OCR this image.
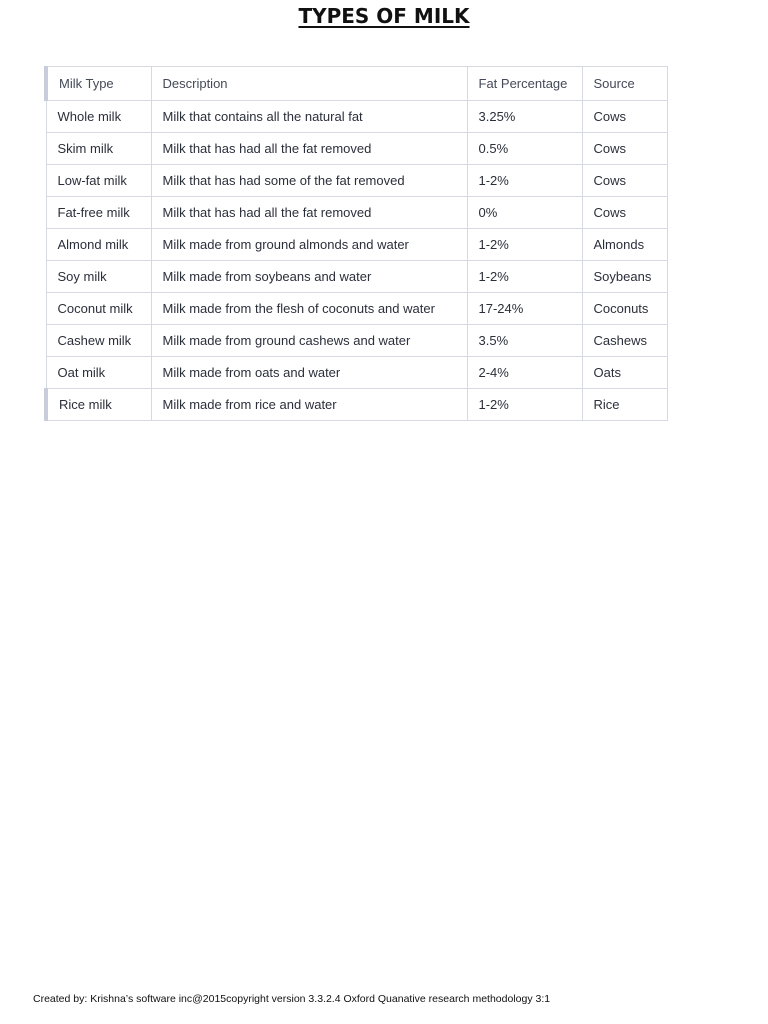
TYPES OF MILK
Milk Type	Description	Fat Percentage	Source
Whole milk	Milk that contains all the natural fat	3.25%	Cows
Skim milk	Milk that has had all the fat removed	0.5%	Cows
Low-fat milk	Milk that has had some of the fat removed	1-2%	Cows
Fat-free milk	Milk that has had all the fat removed	0%	Cows
Almond milk	Milk made from ground almonds and water	1-2%	Almonds
Soy milk	Milk made from soybeans and water	1-2%	Soybeans
Coconut milk	Milk made from the flesh of coconuts and water	17-24%	Coconuts
Cashew milk	Milk made from ground cashews and water	3.5%	Cashews
Oat milk	Milk made from oats and water	2-4%	Oats
Rice milk	Milk made from rice and water	1-2%	Rice
Created by: Krishna’s software inc@2015copyright version 3.3.2.4 Oxford Quanative research methodology 3:1
